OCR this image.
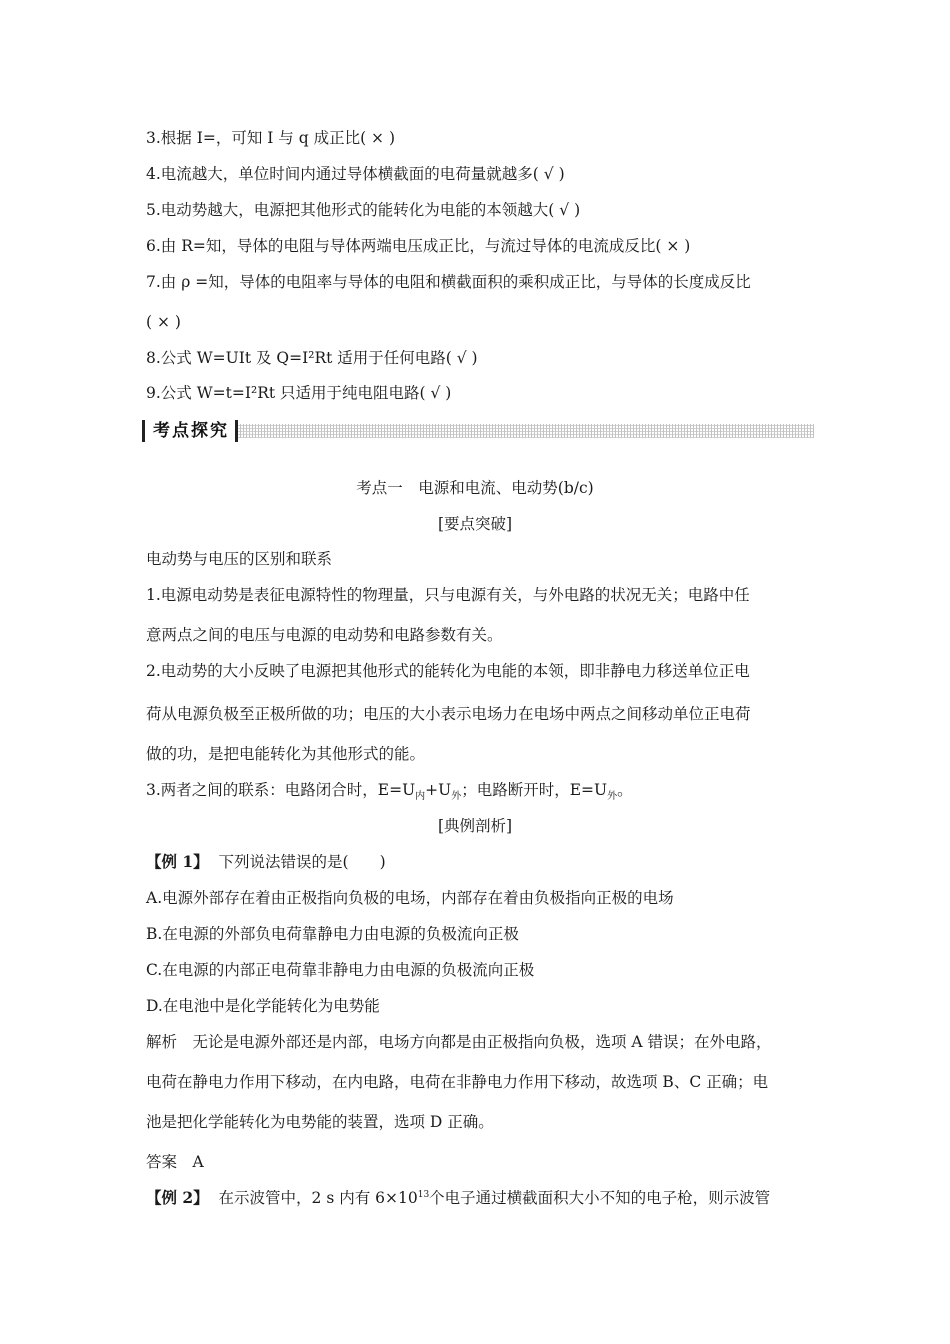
3.根据 I=，可知 I 与 q 成正比( × )
4.电流越大，单位时间内通过导体横截面的电荷量就越多( √ )
5.电动势越大，电源把其他形式的能转化为电能的本领越大( √ )
6.由 R=知，导体的电阻与导体两端电压成正比，与流过导体的电流成反比( × )
7.由 ρ =知，导体的电阻率与导体的电阻和横截面积的乘积成正比，与导体的长度成反比
( × )
8.公式 W=UIt 及 Q=I²Rt 适用于任何电路( √ )
9.公式 W=t=I²Rt 只适用于纯电阻电路( √ )
考点探究
考点一　电源和电流、电动势(b/c)
[要点突破]
电动势与电压的区别和联系
1.电源电动势是表征电源特性的物理量，只与电源有关，与外电路的状况无关；电路中任
意两点之间的电压与电源的电动势和电路参数有关。
2.电动势的大小反映了电源把其他形式的能转化为电能的本领，即非静电力移送单位正电
荷从电源负极至正极所做的功；电压的大小表示电场力在电场中两点之间移动单位正电荷
做的功，是把电能转化为其他形式的能。
3.两者之间的联系：电路闭合时，$E=U_内+U_外$；电路断开时，$E=U_外$。
[典例剖析]
【例 1】 下列说法错误的是(　　)
A.电源外部存在着由正极指向负极的电场，内部存在着由负极指向正极的电场
B.在电源的外部负电荷靠静电力由电源的负极流向正极
C.在电源的内部正电荷靠非静电力由电源的负极流向正极
D.在电池中是化学能转化为电势能
解析　无论是电源外部还是内部，电场方向都是由正极指向负极，选项 A 错误；在外电路，
电荷在静电力作用下移动，在内电路，电荷在非静电力作用下移动，故选项 B、C 正确；电
池是把化学能转化为电势能的装置，选项 D 正确。
答案　A
【例 2】 在示波管中，2 s 内有 $6\times 10^{13}$个电子通过横截面积大小不知的电子枪，则示波管
